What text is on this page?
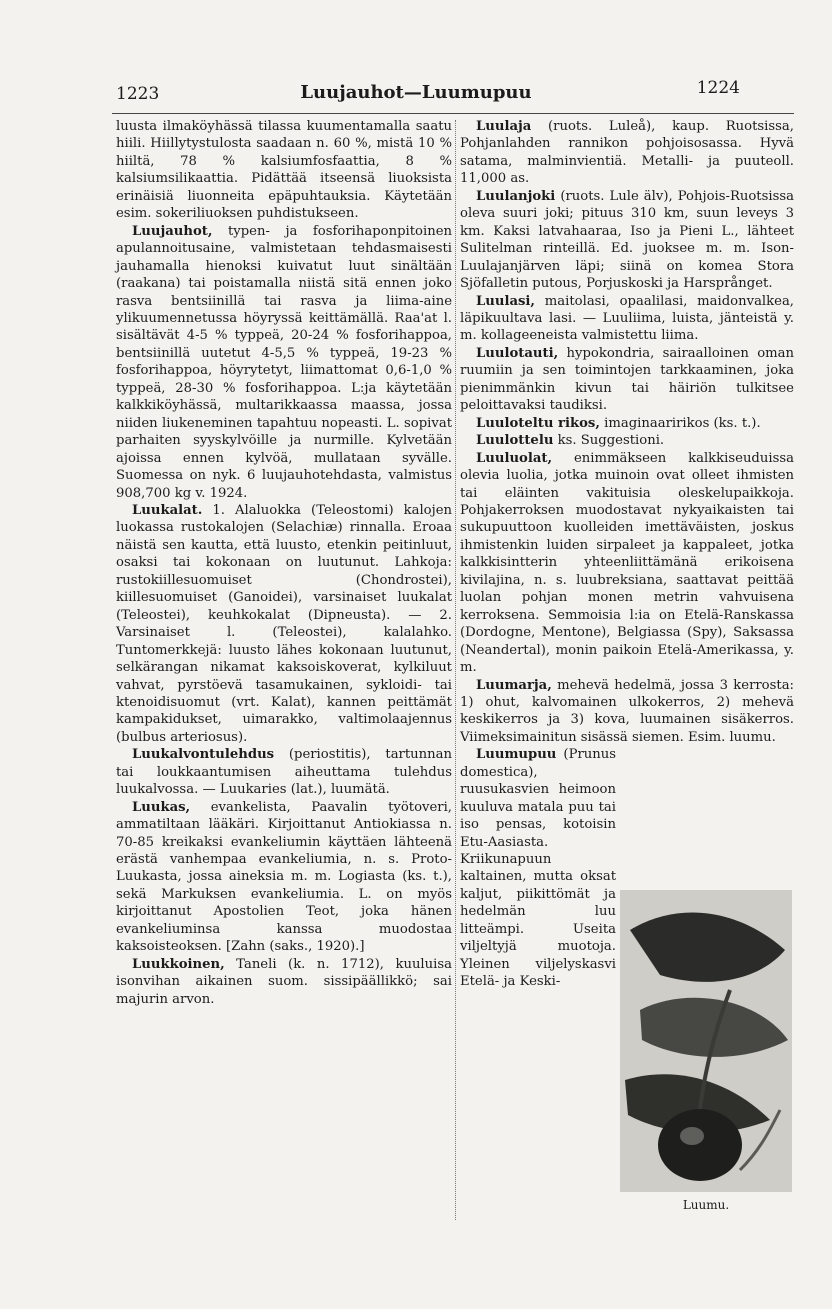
1223	Luujauhot—Luumupuu	1224

luusta ilmaköyhässä tilassa kuumentamalla saatu hiili. Hiillytystulosta saadaan n. 60 %, mistä 10 % hiiltä, 78 % kalsiumfosfaattia, 8 % kalsiumsilikaattia. Pidättää itseensä liuoksista erinäisiä liuonneita epäpuhtauksia. Käytetään esim. sokeriliuoksen puhdistukseen.

Luujauhot, typen- ja fosforihaponpitoinen apulannoitusaine, valmistetaan tehdasmaisesti jauhamalla hienoksi kuivatut luut sinältään (raakana) tai poistamalla niistä sitä ennen joko rasva bentsiinillä tai rasva ja liima-aine ylikuumennetussa höyryssä keittämällä. Raa'at l. sisältävät 4-5 % typpeä, 20-24 % fosforihappoa, bentsiinillä uutetut 4-5,5 % typpeä, 19-23 % fosforihappoa, höyrytetyt, liimattomat 0,6-1,0 % typpeä, 28-30 % fosforihappoa. L:ja käytetään kalkkiköyhässä, multarikkaassa maassa, jossa niiden liukeneminen tapahtuu nopeasti. L. sopivat parhaiten syyskylvöille ja nurmille. Kylvetään ajoissa ennen kylvöä, mullataan syvälle. Suomessa on nyk. 6 luujauhotehdasta, valmistus 908,700 kg v. 1924.

Luukalat. 1. Alaluokka (Teleostomi) kalojen luokassa rustokalojen (Selachiæ) rinnalla. Eroaa näistä sen kautta, että luusto, etenkin peitinluut, osaksi tai kokonaan on luutunut. Lahkoja: rustokiillesuomuiset (Chondrostei), kiillesuomuiset (Ganoidei), varsinaiset luukalat (Teleostei), keuhkokalat (Dipneusta). — 2. Varsinaiset l. (Teleostei), kalalahko. Tuntomerkkejä: luusto lähes kokonaan luutunut, selkärangan nikamat kaksoiskoverat, kylkiluut vahvat, pyrstöevä tasamukainen, sykloidi- tai ktenoidisuomut (vrt. Kalat), kannen peittämät kampakidukset, uimarakko, valtimolaajennus (bulbus arteriosus).

Luukalvontulehdus (periostitis), tartunnan tai loukkaantumisen aiheuttama tulehdus luukalvossa. — Luukaries (lat.), luumätä.

Luukas, evankelista, Paavalin työtoveri, ammatiltaan lääkäri. Kirjoittanut Antiokiassa n. 70-85 kreikaksi evankeliumin käyttäen lähteenä erästä vanhempaa evankeliumia, n. s. Proto-Luukasta, jossa aineksia m. m. Logiasta (ks. t.), sekä Markuksen evankeliumia. L. on myös kirjoittanut Apostolien Teot, joka hänen evankeliuminsa kanssa muodostaa kaksoisteoksen. [Zahn (saks., 1920).]

Luukkoinen, Taneli (k. n. 1712), kuuluisa isonvihan aikainen suom. sissipäällikkö; sai majurin arvon.

Luulaja (ruots. Luleå), kaup. Ruotsissa, Pohjanlahden rannikon pohjoisosassa. Hyvä satama, malminvientiä. Metalli- ja puuteoll. 11,000 as.

Luulanjoki (ruots. Lule älv), Pohjois-Ruotsissa oleva suuri joki; pituus 310 km, suun leveys 3 km. Kaksi latvahaaraa, Iso ja Pieni L., lähteet Sulitelman rinteillä. Ed. juoksee m. m. Ison-Luulajanjärven läpi; siinä on komea Stora Sjöfalletin putous, Porjuskoski ja Harsprånget.

Luulasi, maitolasi, opaalilasi, maidonvalkea, läpikuultava lasi. — Luuliima, luista, jänteistä y. m. kollageeneista valmistettu liima.

Luulotauti, hypokondria, sairaalloinen oman ruumiin ja sen toimintojen tarkkaaminen, joka pienimmänkin kivun tai häiriön tulkitsee peloittavaksi taudiksi.

Luuloteltu rikos, imaginaaririkos (ks. t.).

Luulottelu ks. Suggestioni.

Luuluolat, enimmäkseen kalkkiseuduissa olevia luolia, jotka muinoin ovat olleet ihmisten tai eläinten vakituisia oleskelupaikkoja. Pohjakerroksen muodostavat nykyaikaisten tai sukupuuttoon kuolleiden imettäväisten, joskus ihmistenkin luiden sirpaleet ja kappaleet, jotka kalkkisintterin yhteenliittämänä erikoisena kivilajina, n. s. luubreksiana, saattavat peittää luolan pohjan monen metrin vahvuisena kerroksena. Semmoisia l:ia on Etelä-Ranskassa (Dordogne, Mentone), Belgiassa (Spy), Saksassa (Neandertal), monin paikoin Etelä-Amerikassa, y. m.

Luumarja, mehevä hedelmä, jossa 3 kerrosta: 1) ohut, kalvomainen ulkokerros, 2) mehevä keskikerros ja 3) kova, luumainen sisäkerros. Viimeksimainitun sisässä siemen. Esim. luumu.

Luumupuu (Prunus domestica), ruusukasvien heimoon kuuluva matala puu tai iso pensas, kotoisin Etu-Aasiasta. Kriikunapuun kaltainen, mutta oksat kaljut, piikittömät ja hedelmän luu litteämpi. Useita viljeltyjä muotoja. Yleinen viljelyskasvi Etelä- ja Keski-

Luumu.
